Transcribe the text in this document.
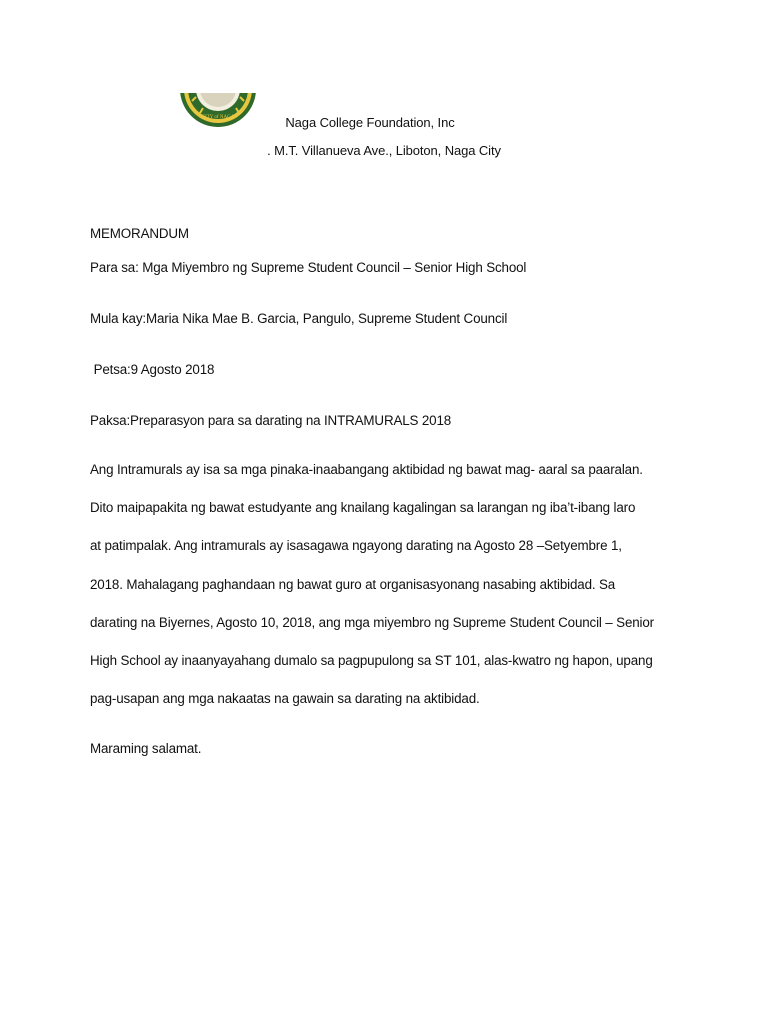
CITY of NAGA	Naga College Foundation, Inc
. M.T. Villanueva Ave., Liboton, Naga City
MEMORANDUM
Para sa: Mga Miyembro ng Supreme Student Council – Senior High School
Mula kay:Maria Nika Mae B. Garcia, Pangulo, Supreme Student Council
Petsa:9 Agosto 2018
Paksa:Preparasyon para sa darating na INTRAMURALS 2018

Ang Intramurals ay isa sa mga pinaka-inaabangang aktibidad ng bawat mag- aaral sa paaralan.

Dito maipapakita ng bawat estudyante ang knailang kagalingan sa larangan ng iba’t-ibang laro

at patimpalak. Ang intramurals ay isasagawa ngayong darating na Agosto 28 –Setyembre 1,

2018. Mahalagang paghandaan ng bawat guro at organisasyonang nasabing aktibidad. Sa

darating na Biyernes, Agosto 10, 2018, ang mga miyembro ng Supreme Student Council – Senior

High School ay inaanyayahang dumalo sa pagpupulong sa ST 101, alas-kwatro ng hapon, upang

pag-usapan ang mga nakaatas na gawain sa darating na aktibidad.

Maraming salamat.
